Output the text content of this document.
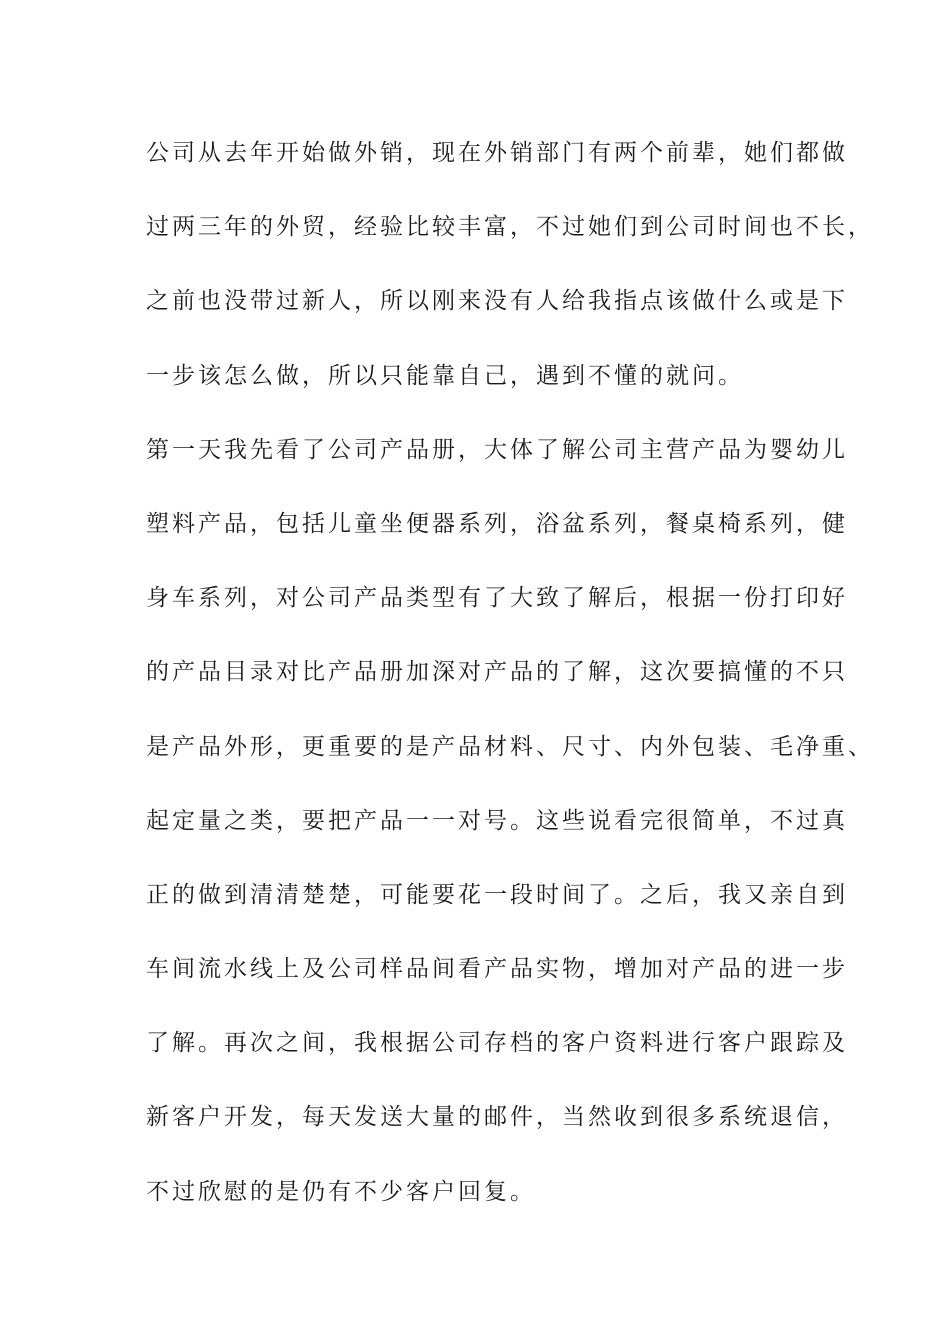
公司从去年开始做外销，现在外销部门有两个前辈，她们都做
过两三年的外贸，经验比较丰富，不过她们到公司时间也不长，
之前也没带过新人，所以刚来没有人给我指点该做什么或是下
一步该怎么做，所以只能靠自己，遇到不懂的就问。
第一天我先看了公司产品册，大体了解公司主营产品为婴幼儿
塑料产品，包括儿童坐便器系列，浴盆系列，餐桌椅系列，健
身车系列，对公司产品类型有了大致了解后，根据一份打印好
的产品目录对比产品册加深对产品的了解，这次要搞懂的不只
是产品外形，更重要的是产品材料、尺寸、内外包装、毛净重、
起定量之类，要把产品一一对号。这些说看完很简单，不过真
正的做到清清楚楚，可能要花一段时间了。之后，我又亲自到
车间流水线上及公司样品间看产品实物，增加对产品的进一步
了解。再次之间，我根据公司存档的客户资料进行客户跟踪及
新客户开发，每天发送大量的邮件，当然收到很多系统退信，
不过欣慰的是仍有不少客户回复。
